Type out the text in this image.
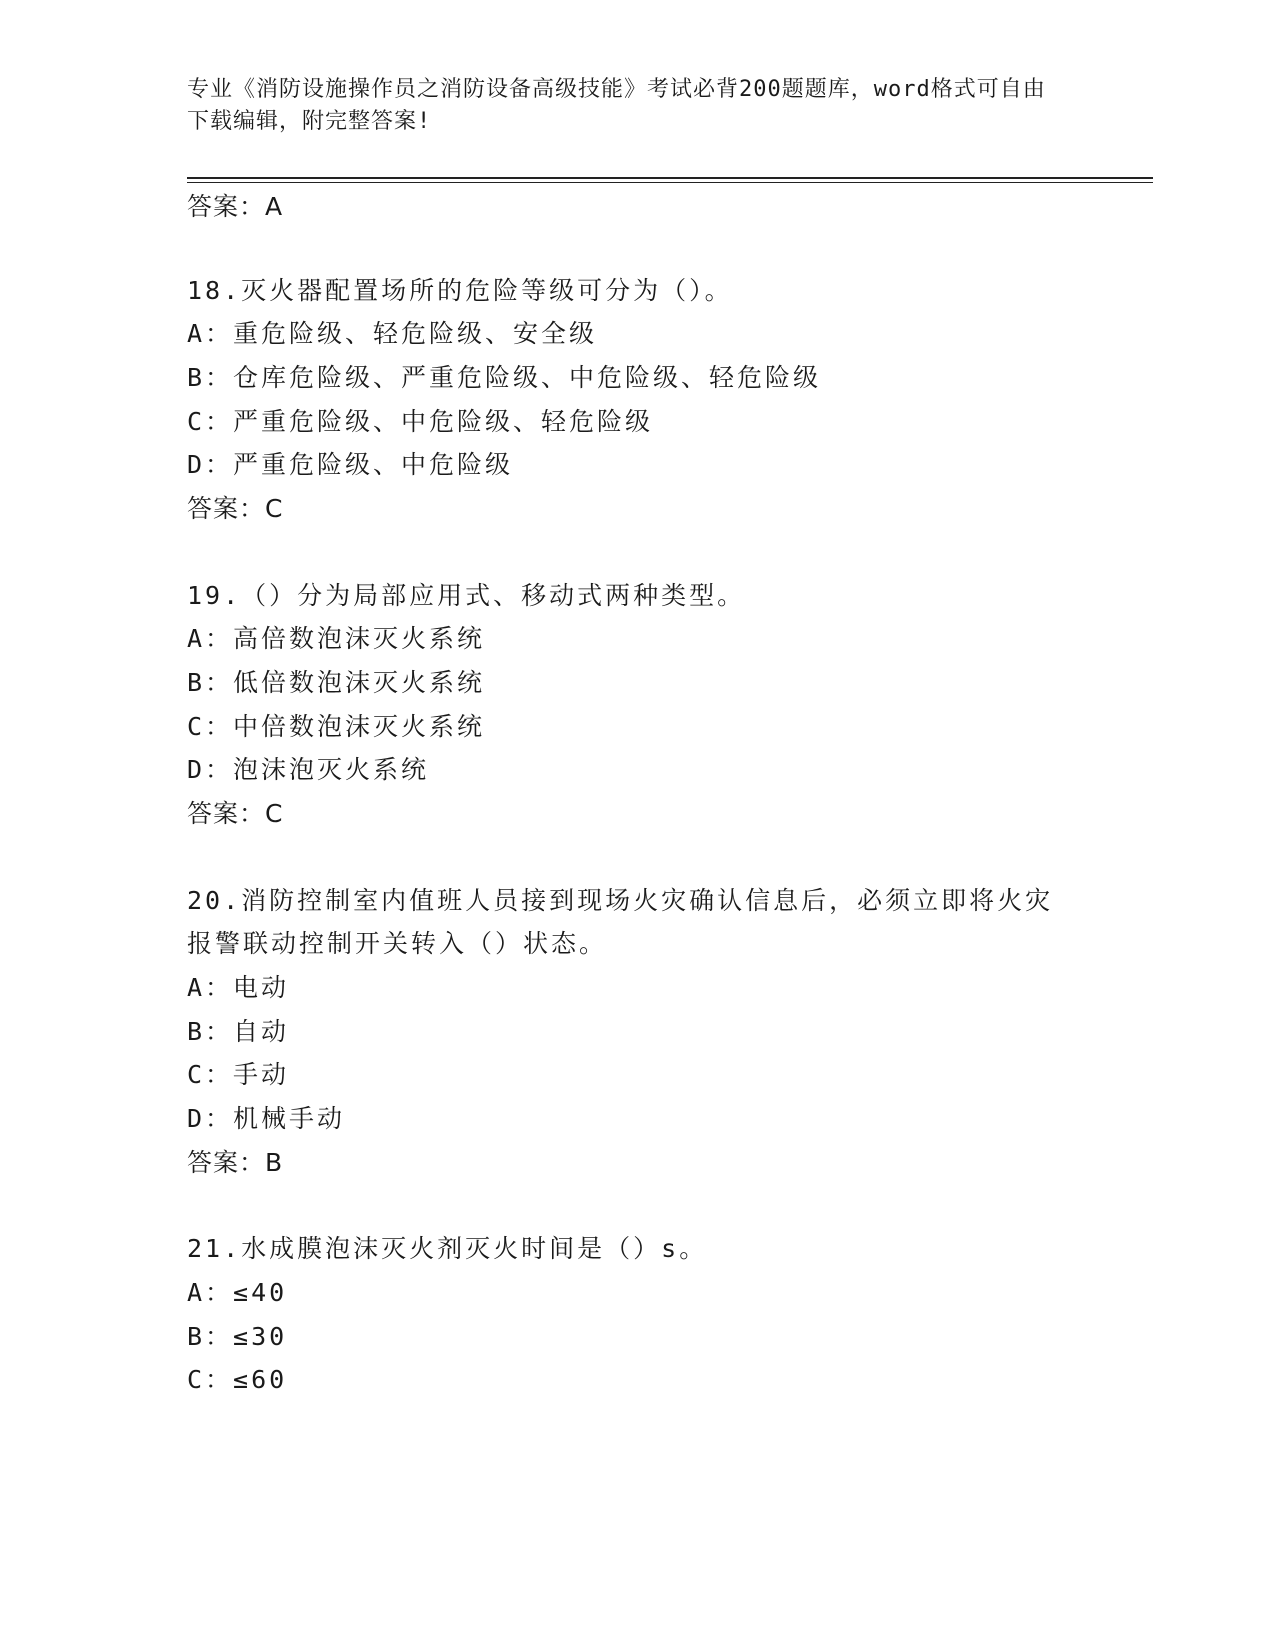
专业《消防设施操作员之消防设备高级技能》考试必背200题题库，word格式可自由下载编辑，附完整答案!
答案：A
18.灭火器配置场所的危险等级可分为（）。
A：重危险级、轻危险级、安全级
B：仓库危险级、严重危险级、中危险级、轻危险级
C：严重危险级、中危险级、轻危险级
D：严重危险级、中危险级
答案：C
19.（）分为局部应用式、移动式两种类型。
A：高倍数泡沫灭火系统
B：低倍数泡沫灭火系统
C：中倍数泡沫灭火系统
D：泡沫泡灭火系统
答案：C
20.消防控制室内值班人员接到现场火灾确认信息后，必须立即将火灾
报警联动控制开关转入（）状态。
A：电动
B：自动
C：手动
D：机械手动
答案：B
21.水成膜泡沫灭火剂灭火时间是（）s。
A：≤40
B：≤30
C：≤60
